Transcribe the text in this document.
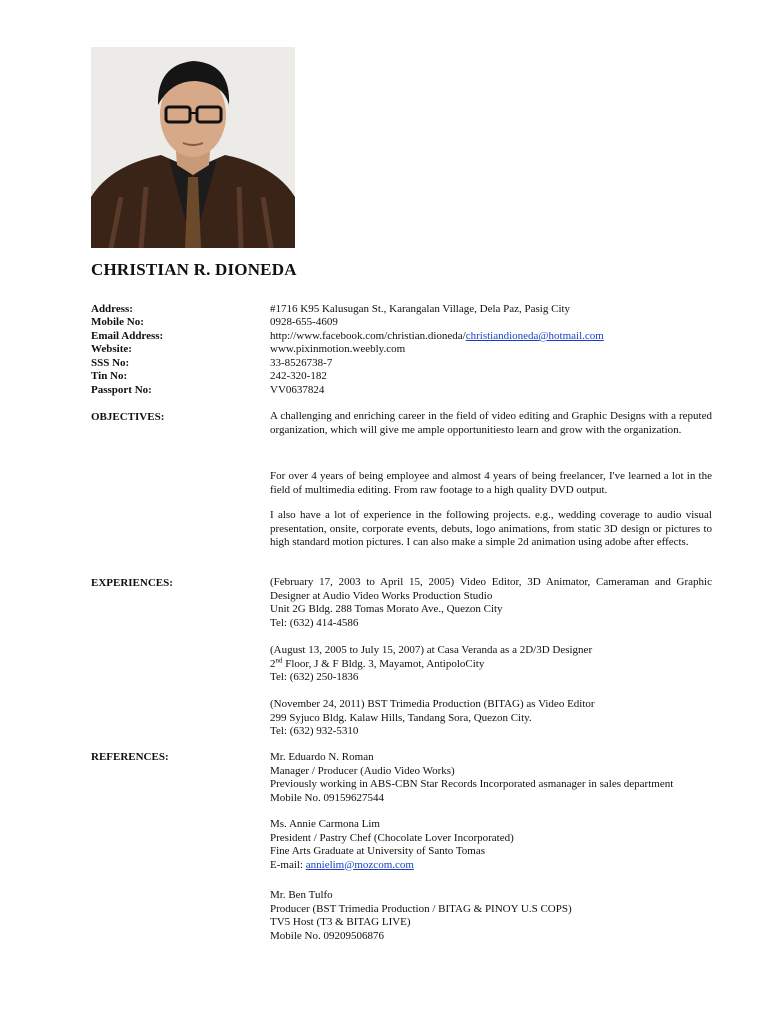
CHRISTIAN R. DIONEDA
Address:	#1716 K95 Kalusugan St., Karangalan Village, Dela Paz, Pasig City
Mobile No:	0928-655-4609
Email Address:	http://www.facebook.com/christian.dioneda/christiandioneda@hotmail.com
Website:	www.pixinmotion.weebly.com
SSS No:	33-8526738-7
Tin No:	242-320-182
Passport No:	VV0637824
OBJECTIVES:	A challenging and enriching career in the field of video editing and Graphic Designs with a reputed organization, which will give me ample opportunitiesto learn and grow with the organization.
For over 4 years of being employee and almost 4 years of being freelancer, I've learned a lot in the field of multimedia editing. From raw footage to a high quality DVD output.
I also have a lot of experience in the following projects. e.g., wedding coverage to audio visual presentation, onsite, corporate events, debuts, logo animations, from static 3D design or pictures to high standard motion pictures. I can also make a simple 2d animation using adobe after effects.
EXPERIENCES:	(February 17, 2003 to April 15, 2005) Video Editor, 3D Animator, Cameraman and Graphic Designer at Audio Video Works Production Studio
Unit 2G Bldg. 288 Tomas Morato Ave., Quezon City
Tel: (632) 414-4586
(August 13, 2005 to July 15, 2007) at Casa Veranda as a 2D/3D Designer
2nd Floor, J & F Bldg. 3, Mayamot, AntipoloCity
Tel: (632) 250-1836
(November 24, 2011) BST Trimedia Production (BITAG) as Video Editor
299 Syjuco Bldg. Kalaw Hills, Tandang Sora, Quezon City.
Tel: (632) 932-5310
REFERENCES:	Mr. Eduardo N. Roman
Manager / Producer (Audio Video Works)
Previously working in ABS-CBN Star Records Incorporated asmanager in sales department
Mobile No. 09159627544
Ms. Annie Carmona Lim
President / Pastry Chef (Chocolate Lover Incorporated)
Fine Arts Graduate at University of Santo Tomas
E-mail: annielim@mozcom.com
Mr. Ben Tulfo
Producer (BST Trimedia Production / BITAG & PINOY U.S COPS)
TV5 Host (T3 & BITAG LIVE)
Mobile No. 09209506876
